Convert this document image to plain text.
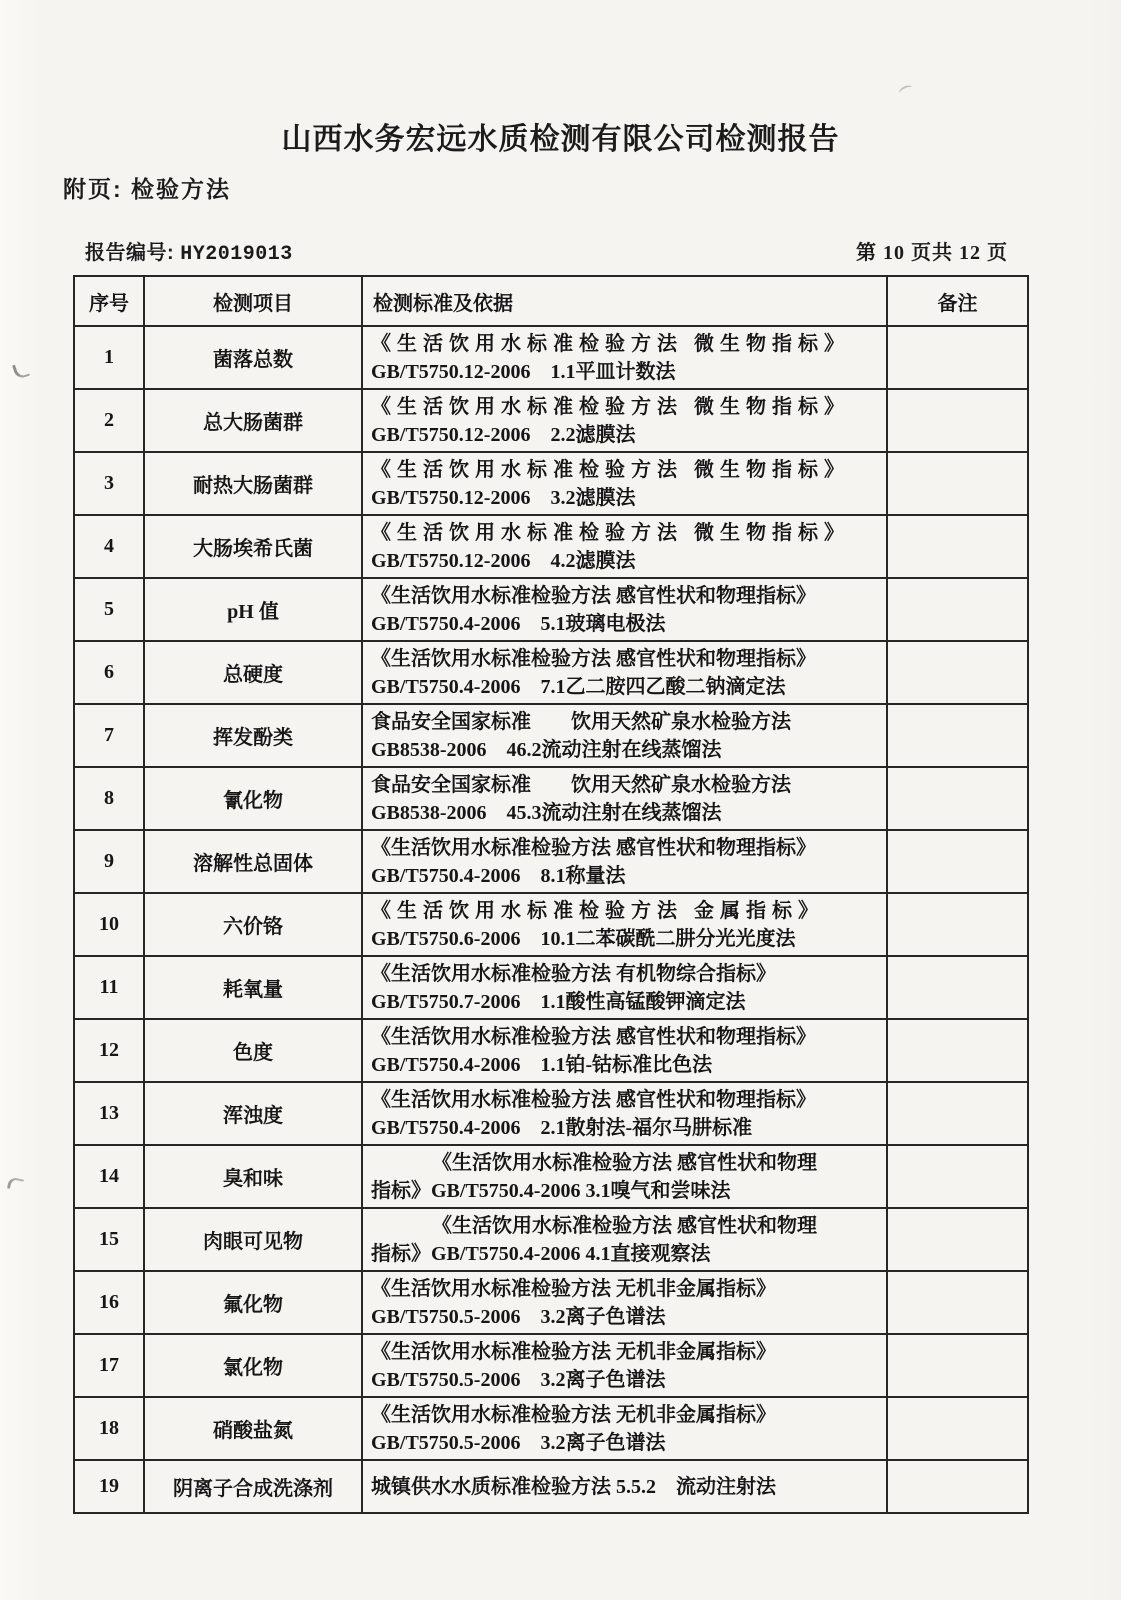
山西水务宏远水质检测有限公司检测报告
附页: 检验方法
报告编号: HY2019013	第 10 页共 12 页
序号	检测项目	检测标准及依据	备注
1	菌落总数	《生活饮用水标准检验方法 微生物指标》
GB/T5750.12-2006　1.1平皿计数法	

2	总大肠菌群	《生活饮用水标准检验方法 微生物指标》
GB/T5750.12-2006　2.2滤膜法	

3	耐热大肠菌群	《生活饮用水标准检验方法 微生物指标》
GB/T5750.12-2006　3.2滤膜法	

4	大肠埃希氏菌	《生活饮用水标准检验方法 微生物指标》
GB/T5750.12-2006　4.2滤膜法	

5	pH 值	《生活饮用水标准检验方法 感官性状和物理指标》
GB/T5750.4-2006　5.1玻璃电极法	

6	总硬度	《生活饮用水标准检验方法 感官性状和物理指标》
GB/T5750.4-2006　7.1乙二胺四乙酸二钠滴定法	

7	挥发酚类	食品安全国家标准　　饮用天然矿泉水检验方法
GB8538-2006　46.2流动注射在线蒸馏法	

8	氰化物	食品安全国家标准　　饮用天然矿泉水检验方法
GB8538-2006　45.3流动注射在线蒸馏法	

9	溶解性总固体	《生活饮用水标准检验方法 感官性状和物理指标》
GB/T5750.4-2006　8.1称量法	

10	六价铬	《生活饮用水标准检验方法 金属指标》
GB/T5750.6-2006　10.1二苯碳酰二肼分光光度法	

11	耗氧量	《生活饮用水标准检验方法 有机物综合指标》
GB/T5750.7-2006　1.1酸性高锰酸钾滴定法	

12	色度	《生活饮用水标准检验方法 感官性状和物理指标》
GB/T5750.4-2006　1.1铂-钴标准比色法	

13	浑浊度	《生活饮用水标准检验方法 感官性状和物理指标》
GB/T5750.4-2006　2.1散射法-福尔马肼标准	

14	臭和味	《生活饮用水标准检验方法 感官性状和物理
指标》GB/T5750.4-2006 3.1嗅气和尝味法	

15	肉眼可见物	《生活饮用水标准检验方法 感官性状和物理
指标》GB/T5750.4-2006 4.1直接观察法	

16	氟化物	《生活饮用水标准检验方法 无机非金属指标》
GB/T5750.5-2006　3.2离子色谱法	

17	氯化物	《生活饮用水标准检验方法 无机非金属指标》
GB/T5750.5-2006　3.2离子色谱法	

18	硝酸盐氮	《生活饮用水标准检验方法 无机非金属指标》
GB/T5750.5-2006　3.2离子色谱法	

19	阴离子合成洗涤剂	城镇供水水质标准检验方法 5.5.2　流动注射法	
